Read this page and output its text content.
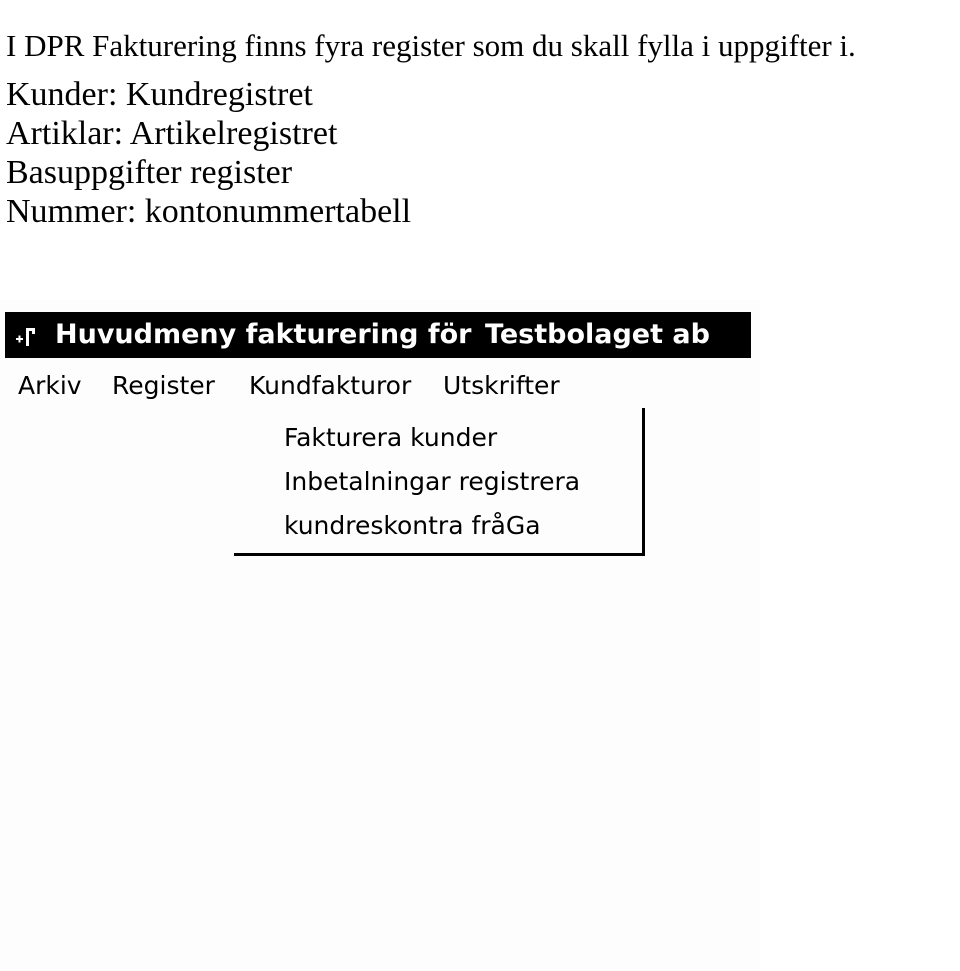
I DPR Fakturering finns fyra register som du skall fylla i uppgifter i.

Kunder: Kundregistret
Artiklar: Artikelregistret
Basuppgifter register
Nummer: kontonummertabell
Huvudmeny fakturering för Testbolaget ab
Arkiv Register Kundfakturor Utskrifter
Fakturera kunder
Inbetalningar registrera
kundreskontra fråGa
